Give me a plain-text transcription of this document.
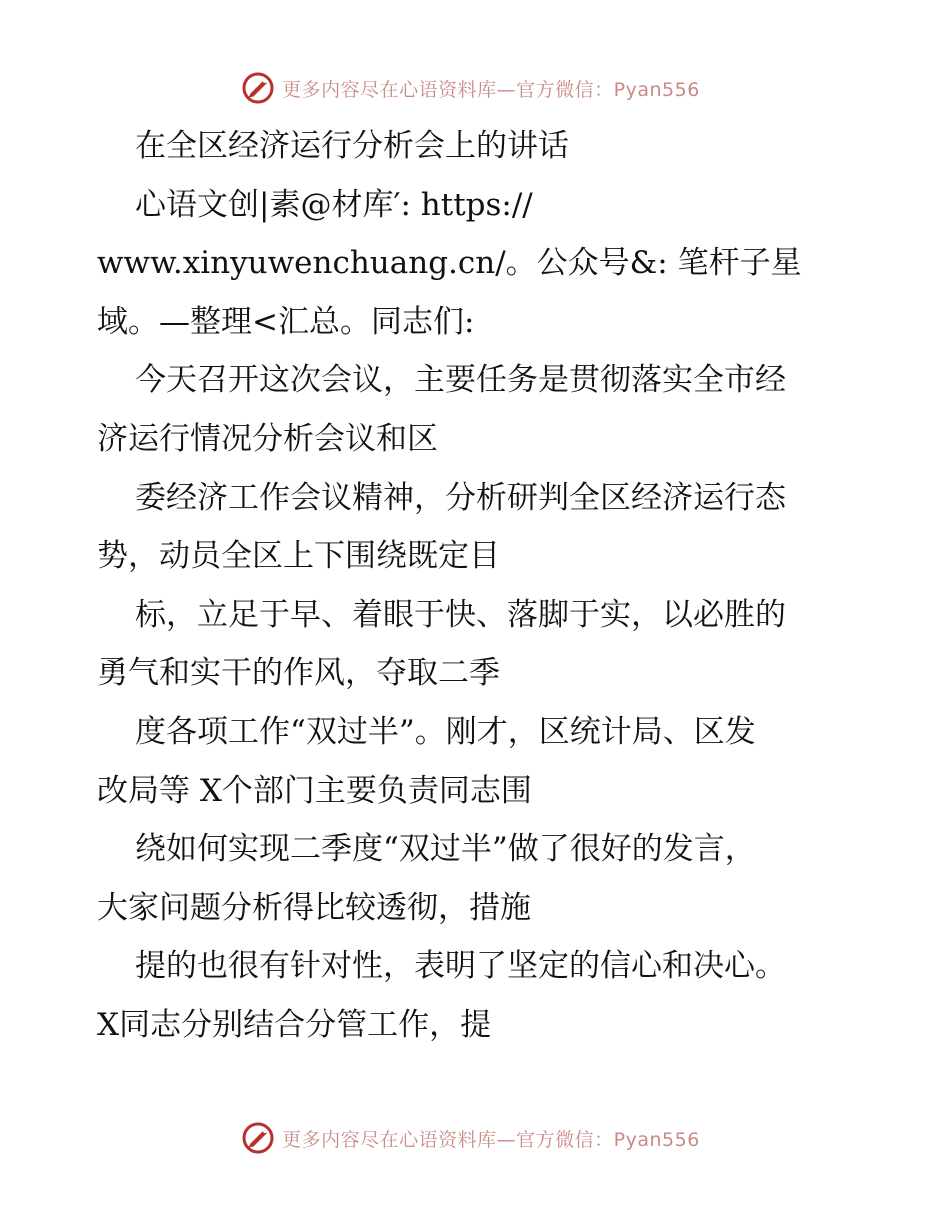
更多内容尽在心语资料库—官方微信：Pyan556
在全区经济运行分析会上的讲话
心语文创|素@材库′: https://
www.xinyuwenchuang.cn/。公众号&: 笔杆子星
域。—整理<汇总。同志们:
今天召开这次会议，主要任务是贯彻落实全市经
济运行情况分析会议和区
委经济工作会议精神，分析研判全区经济运行态
势，动员全区上下围绕既定目
标，立足于早、着眼于快、落脚于实，以必胜的
勇气和实干的作风，夺取二季
度各项工作“双过半”。刚才，区统计局、区发
改局等 X个部门主要负责同志围
绕如何实现二季度“双过半”做了很好的发言，
大家问题分析得比较透彻，措施
提的也很有针对性，表明了坚定的信心和决心。
X同志分别结合分管工作，提
更多内容尽在心语资料库—官方微信：Pyan556
